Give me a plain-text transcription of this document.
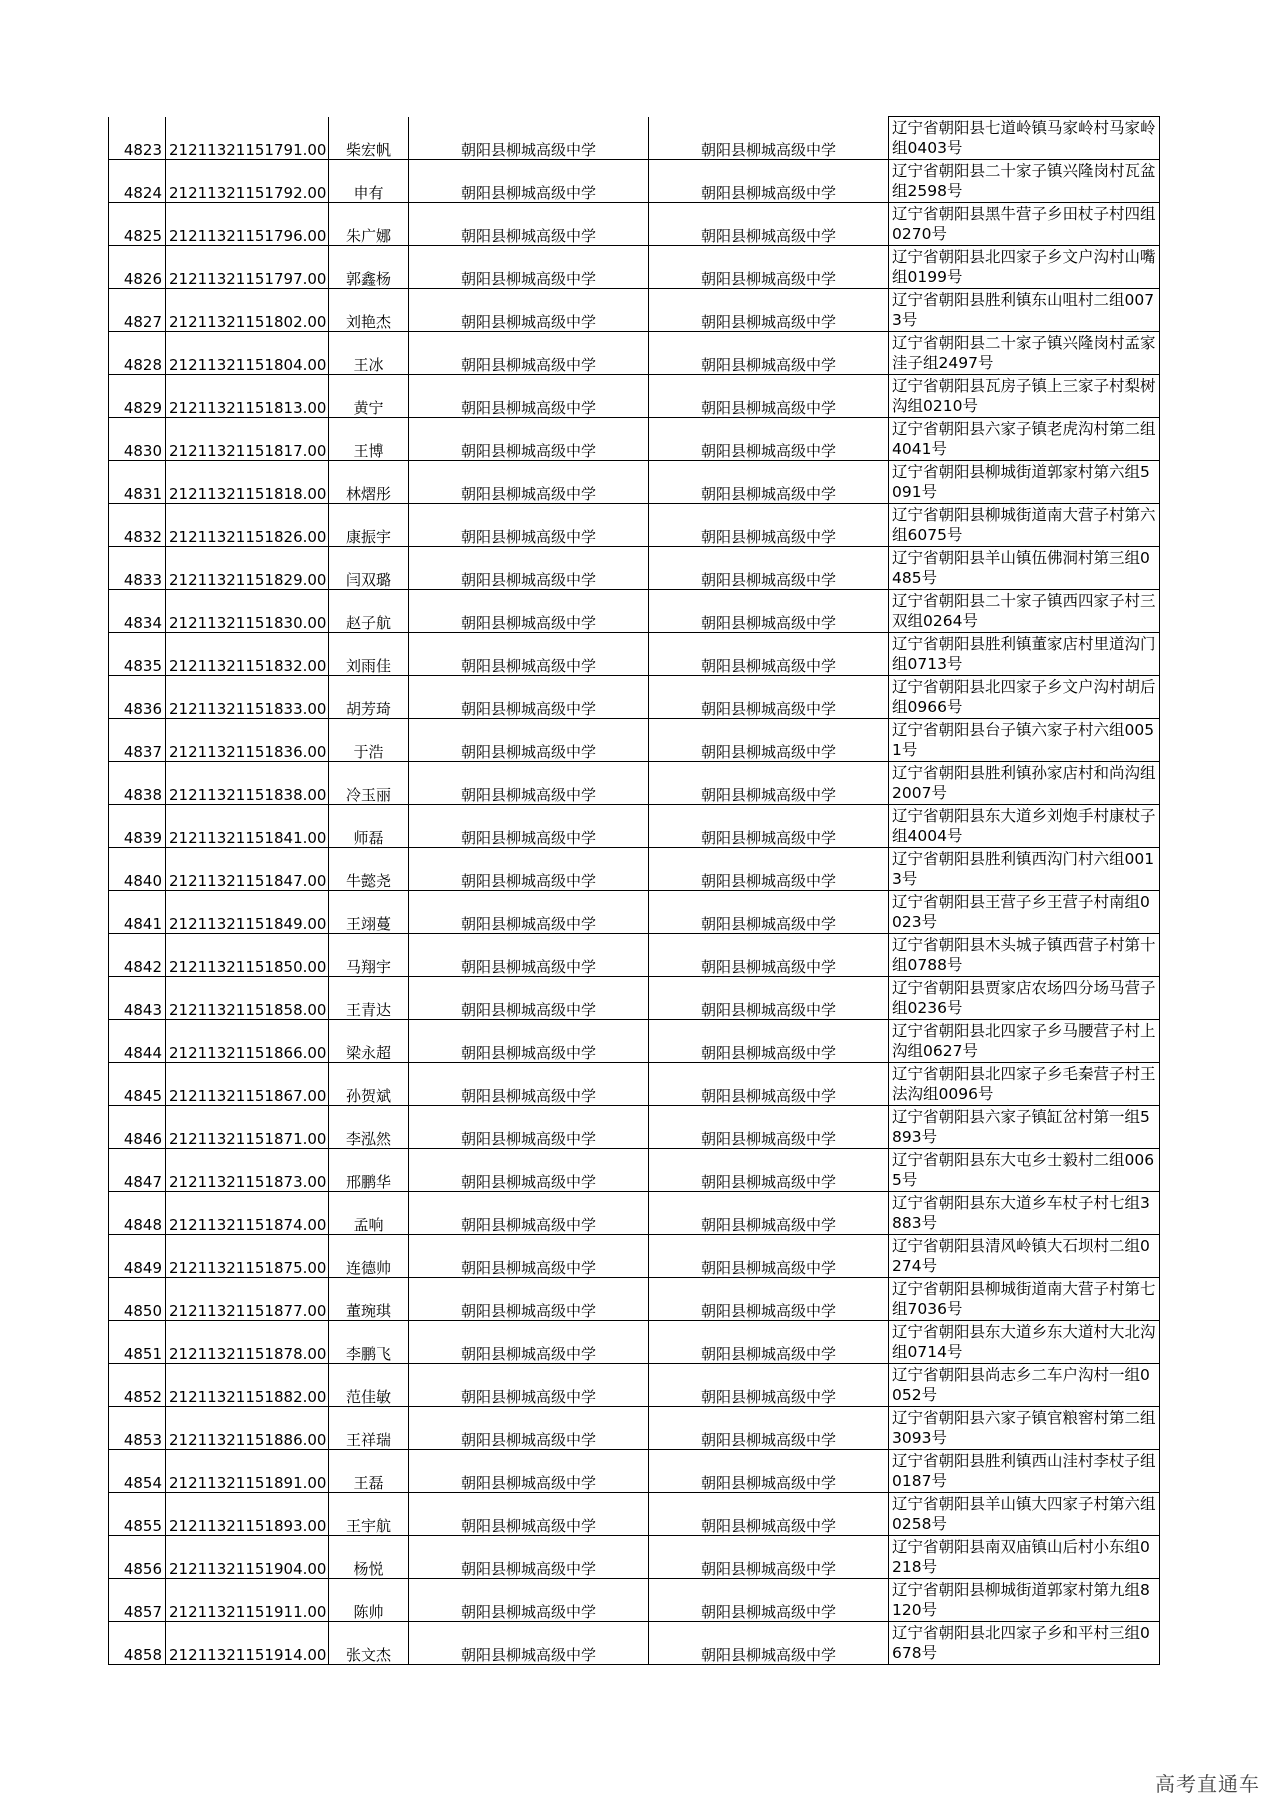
4823	21211321151791.00	柴宏帆	朝阳县柳城高级中学	朝阳县柳城高级中学	辽宁省朝阳县七道岭镇马家岭村马家岭组0403号
4824	21211321151792.00	申有	朝阳县柳城高级中学	朝阳县柳城高级中学	辽宁省朝阳县二十家子镇兴隆岗村瓦盆组2598号
4825	21211321151796.00	朱广娜	朝阳县柳城高级中学	朝阳县柳城高级中学	辽宁省朝阳县黑牛营子乡田杖子村四组0270号
4826	21211321151797.00	郭鑫杨	朝阳县柳城高级中学	朝阳县柳城高级中学	辽宁省朝阳县北四家子乡文户沟村山嘴组0199号
4827	21211321151802.00	刘艳杰	朝阳县柳城高级中学	朝阳县柳城高级中学	辽宁省朝阳县胜利镇东山咀村二组0073号
4828	21211321151804.00	王冰	朝阳县柳城高级中学	朝阳县柳城高级中学	辽宁省朝阳县二十家子镇兴隆岗村孟家洼子组2497号
4829	21211321151813.00	黄宁	朝阳县柳城高级中学	朝阳县柳城高级中学	辽宁省朝阳县瓦房子镇上三家子村梨树沟组0210号
4830	21211321151817.00	王博	朝阳县柳城高级中学	朝阳县柳城高级中学	辽宁省朝阳县六家子镇老虎沟村第二组4041号
4831	21211321151818.00	林熠彤	朝阳县柳城高级中学	朝阳县柳城高级中学	辽宁省朝阳县柳城街道郭家村第六组5091号
4832	21211321151826.00	康振宇	朝阳县柳城高级中学	朝阳县柳城高级中学	辽宁省朝阳县柳城街道南大营子村第六组6075号
4833	21211321151829.00	闫双璐	朝阳县柳城高级中学	朝阳县柳城高级中学	辽宁省朝阳县羊山镇伍佛洞村第三组0485号
4834	21211321151830.00	赵子航	朝阳县柳城高级中学	朝阳县柳城高级中学	辽宁省朝阳县二十家子镇西四家子村三双组0264号
4835	21211321151832.00	刘雨佳	朝阳县柳城高级中学	朝阳县柳城高级中学	辽宁省朝阳县胜利镇董家店村里道沟门组0713号
4836	21211321151833.00	胡芳琦	朝阳县柳城高级中学	朝阳县柳城高级中学	辽宁省朝阳县北四家子乡文户沟村胡后组0966号
4837	21211321151836.00	于浩	朝阳县柳城高级中学	朝阳县柳城高级中学	辽宁省朝阳县台子镇六家子村六组0051号
4838	21211321151838.00	冷玉丽	朝阳县柳城高级中学	朝阳县柳城高级中学	辽宁省朝阳县胜利镇孙家店村和尚沟组2007号
4839	21211321151841.00	师磊	朝阳县柳城高级中学	朝阳县柳城高级中学	辽宁省朝阳县东大道乡刘炮手村康杖子组4004号
4840	21211321151847.00	牛懿尧	朝阳县柳城高级中学	朝阳县柳城高级中学	辽宁省朝阳县胜利镇西沟门村六组0013号
4841	21211321151849.00	王翊蔓	朝阳县柳城高级中学	朝阳县柳城高级中学	辽宁省朝阳县王营子乡王营子村南组0023号
4842	21211321151850.00	马翔宇	朝阳县柳城高级中学	朝阳县柳城高级中学	辽宁省朝阳县木头城子镇西营子村第十组0788号
4843	21211321151858.00	王青达	朝阳县柳城高级中学	朝阳县柳城高级中学	辽宁省朝阳县贾家店农场四分场马营子组0236号
4844	21211321151866.00	梁永超	朝阳县柳城高级中学	朝阳县柳城高级中学	辽宁省朝阳县北四家子乡马腰营子村上沟组0627号
4845	21211321151867.00	孙贺斌	朝阳县柳城高级中学	朝阳县柳城高级中学	辽宁省朝阳县北四家子乡毛秦营子村王法沟组0096号
4846	21211321151871.00	李泓然	朝阳县柳城高级中学	朝阳县柳城高级中学	辽宁省朝阳县六家子镇缸岔村第一组5893号
4847	21211321151873.00	邢鹏华	朝阳县柳城高级中学	朝阳县柳城高级中学	辽宁省朝阳县东大屯乡士毅村二组0065号
4848	21211321151874.00	孟响	朝阳县柳城高级中学	朝阳县柳城高级中学	辽宁省朝阳县东大道乡车杖子村七组3883号
4849	21211321151875.00	连德帅	朝阳县柳城高级中学	朝阳县柳城高级中学	辽宁省朝阳县清风岭镇大石坝村二组0274号
4850	21211321151877.00	董琬琪	朝阳县柳城高级中学	朝阳县柳城高级中学	辽宁省朝阳县柳城街道南大营子村第七组7036号
4851	21211321151878.00	李鹏飞	朝阳县柳城高级中学	朝阳县柳城高级中学	辽宁省朝阳县东大道乡东大道村大北沟组0714号
4852	21211321151882.00	范佳敏	朝阳县柳城高级中学	朝阳县柳城高级中学	辽宁省朝阳县尚志乡二车户沟村一组0052号
4853	21211321151886.00	王祥瑞	朝阳县柳城高级中学	朝阳县柳城高级中学	辽宁省朝阳县六家子镇官粮窖村第二组3093号
4854	21211321151891.00	王磊	朝阳县柳城高级中学	朝阳县柳城高级中学	辽宁省朝阳县胜利镇西山洼村李杖子组0187号
4855	21211321151893.00	王宇航	朝阳县柳城高级中学	朝阳县柳城高级中学	辽宁省朝阳县羊山镇大四家子村第六组0258号
4856	21211321151904.00	杨悦	朝阳县柳城高级中学	朝阳县柳城高级中学	辽宁省朝阳县南双庙镇山后村小东组0218号
4857	21211321151911.00	陈帅	朝阳县柳城高级中学	朝阳县柳城高级中学	辽宁省朝阳县柳城街道郭家村第九组8120号
4858	21211321151914.00	张文杰	朝阳县柳城高级中学	朝阳县柳城高级中学	辽宁省朝阳县北四家子乡和平村三组0678号
高考直通车
